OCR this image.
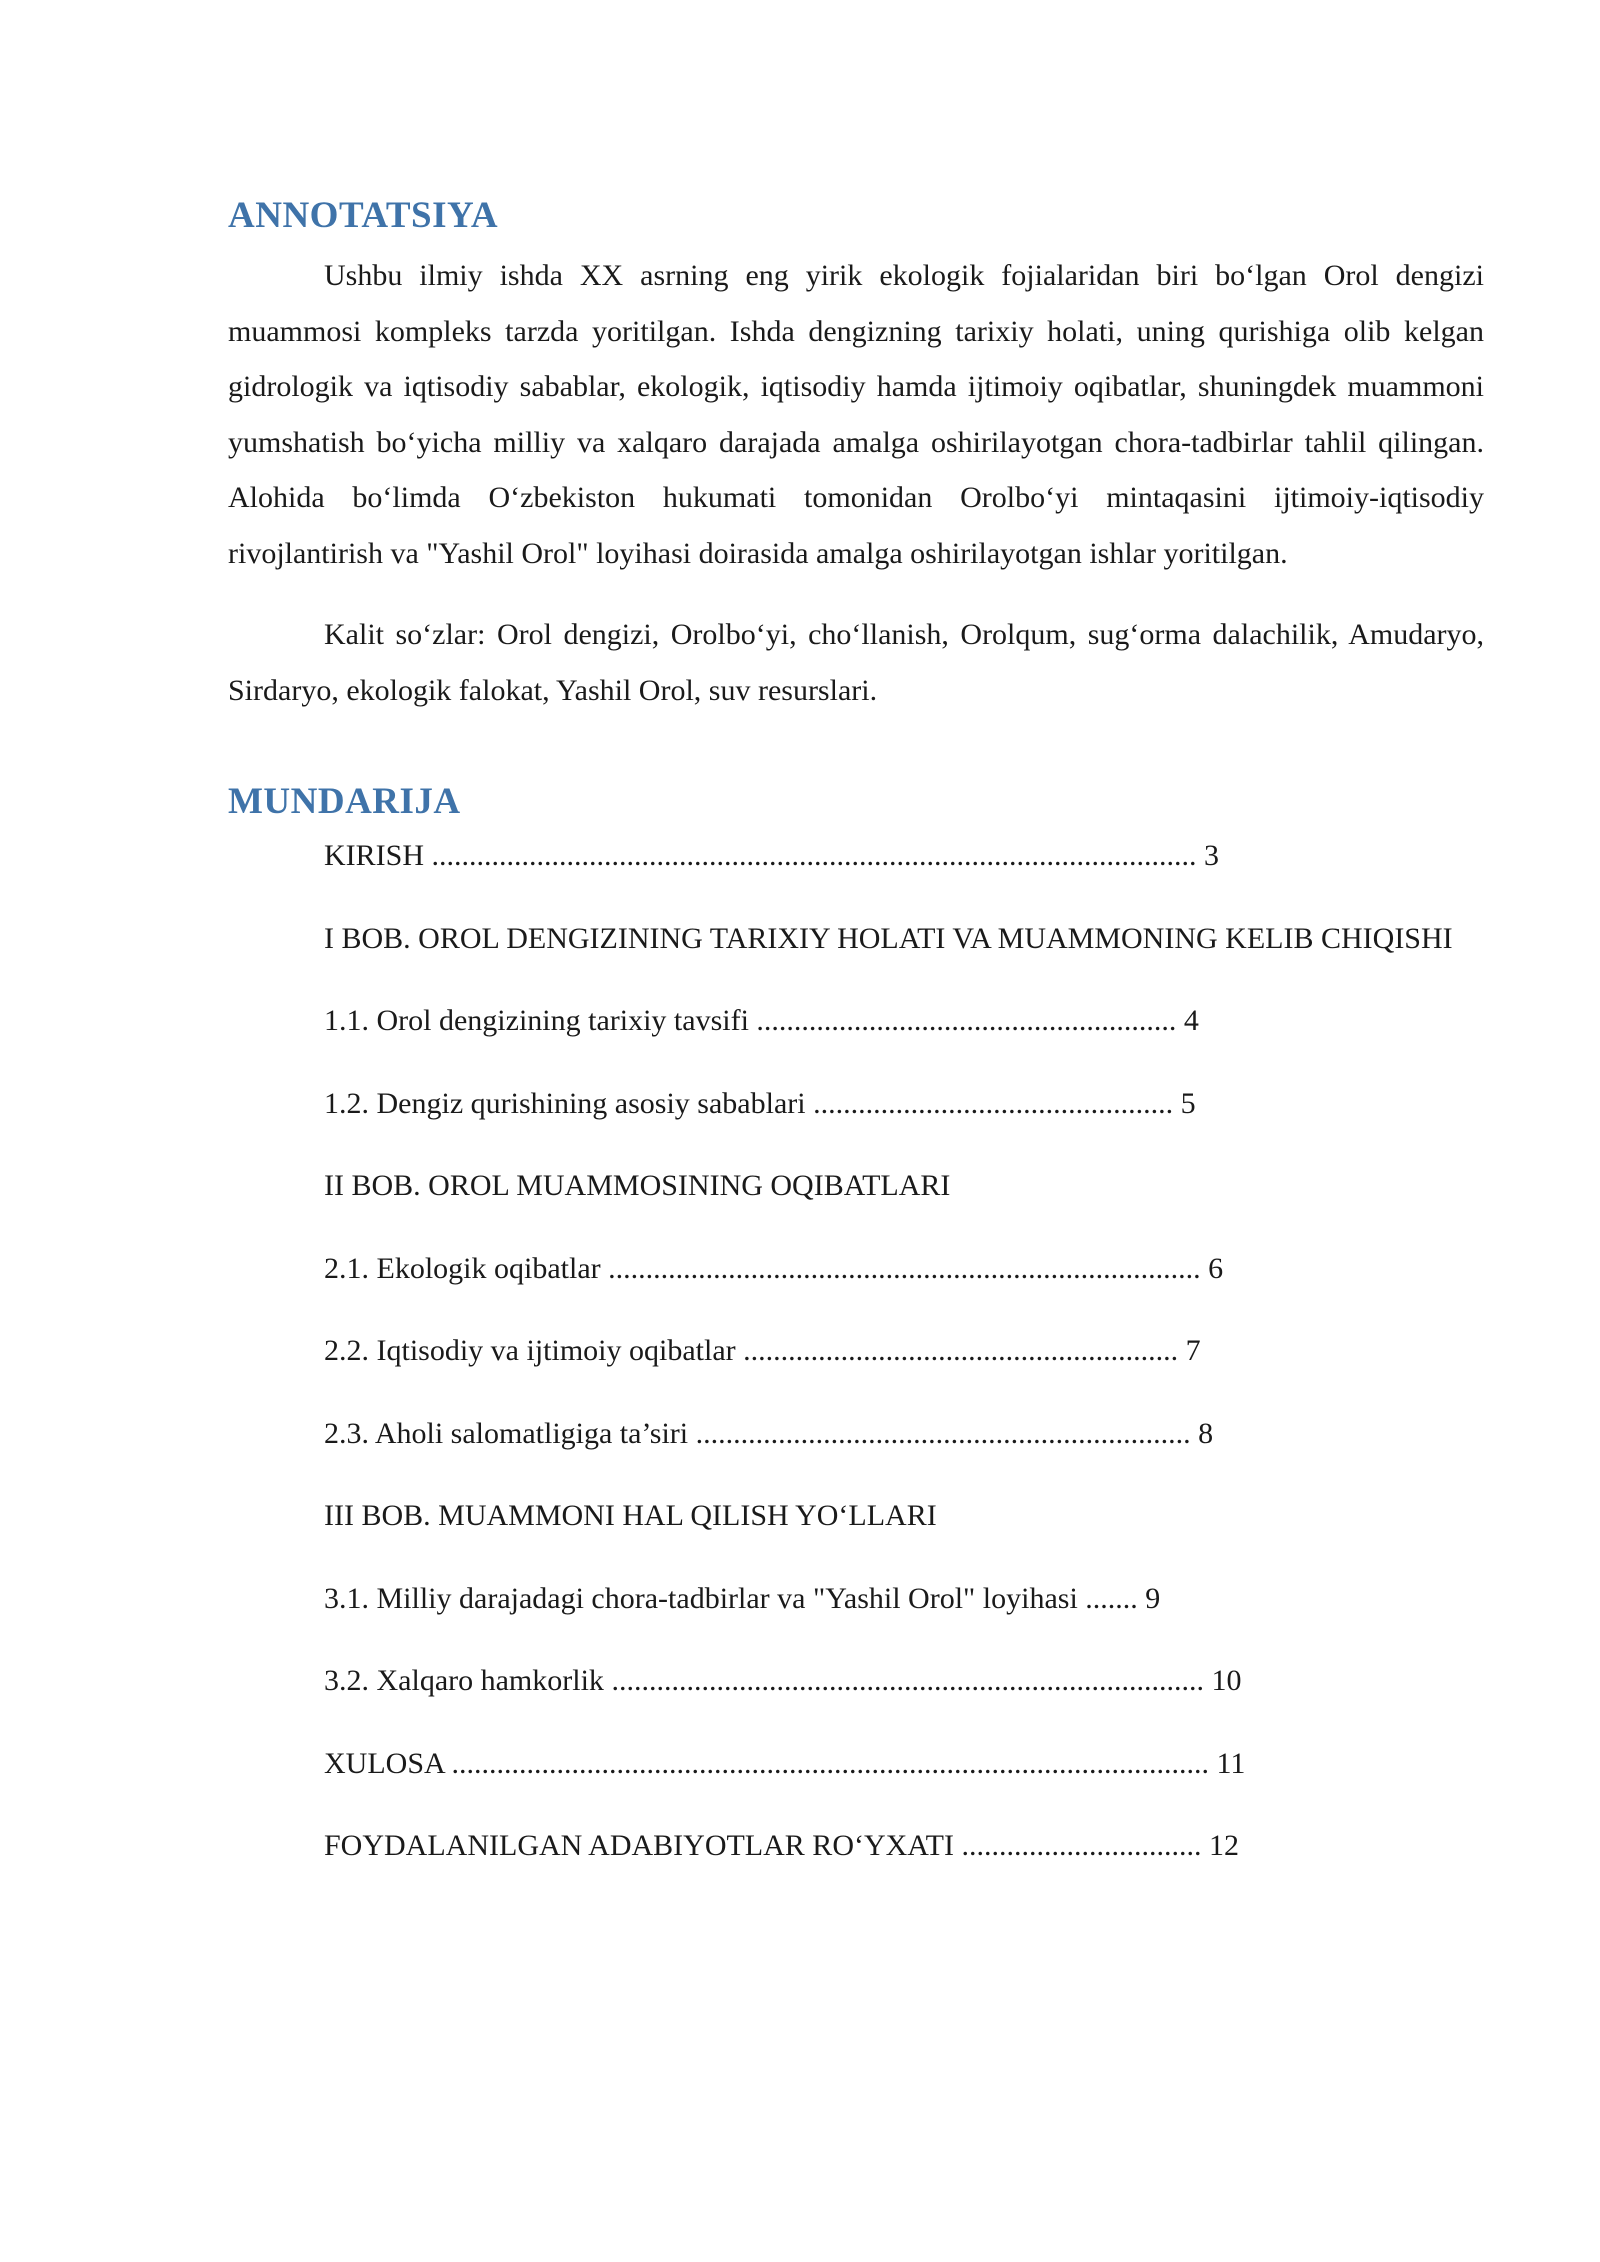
ANNOTATSIYA

Ushbu ilmiy ishda XX asrning eng yirik ekologik fojialaridan biri bo‘lgan Orol dengizi muammosi kompleks tarzda yoritilgan. Ishda dengizning tarixiy holati, uning qurishiga olib kelgan gidrologik va iqtisodiy sabablar, ekologik, iqtisodiy hamda ijtimoiy oqibatlar, shuningdek muammoni yumshatish bo‘yicha milliy va xalqaro darajada amalga oshirilayotgan chora-tadbirlar tahlil qilingan. Alohida bo‘limda O‘zbekiston hukumati tomonidan Orolbo‘yi mintaqasini ijtimoiy-iqtisodiy rivojlantirish va "Yashil Orol" loyihasi doirasida amalga oshirilayotgan ishlar yoritilgan.

Kalit so‘zlar: Orol dengizi, Orolbo‘yi, cho‘llanish, Orolqum, sug‘orma dalachilik, Amudaryo, Sirdaryo, ekologik falokat, Yashil Orol, suv resurslari.

MUNDARIJA
KIRISH ...................................................................................................... 3
I BOB. OROL DENGIZINING TARIXIY HOLATI VA MUAMMONING KELIB CHIQISHI
1.1. Orol dengizining tarixiy tavsifi ........................................................ 4
1.2. Dengiz qurishining asosiy sabablari ................................................ 5
II BOB. OROL MUAMMOSINING OQIBATLARI
2.1. Ekologik oqibatlar ............................................................................... 6
2.2. Iqtisodiy va ijtimoiy oqibatlar .......................................................... 7
2.3. Aholi salomatligiga ta’siri .................................................................. 8
III BOB. MUAMMONI HAL QILISH YO‘LLARI
3.1. Milliy darajadagi chora-tadbirlar va "Yashil Orol" loyihasi ....... 9
3.2. Xalqaro hamkorlik ............................................................................... 10
XULOSA ..................................................................................................... 11
FOYDALANILGAN ADABIYOTLAR RO‘YXATI ................................ 12
